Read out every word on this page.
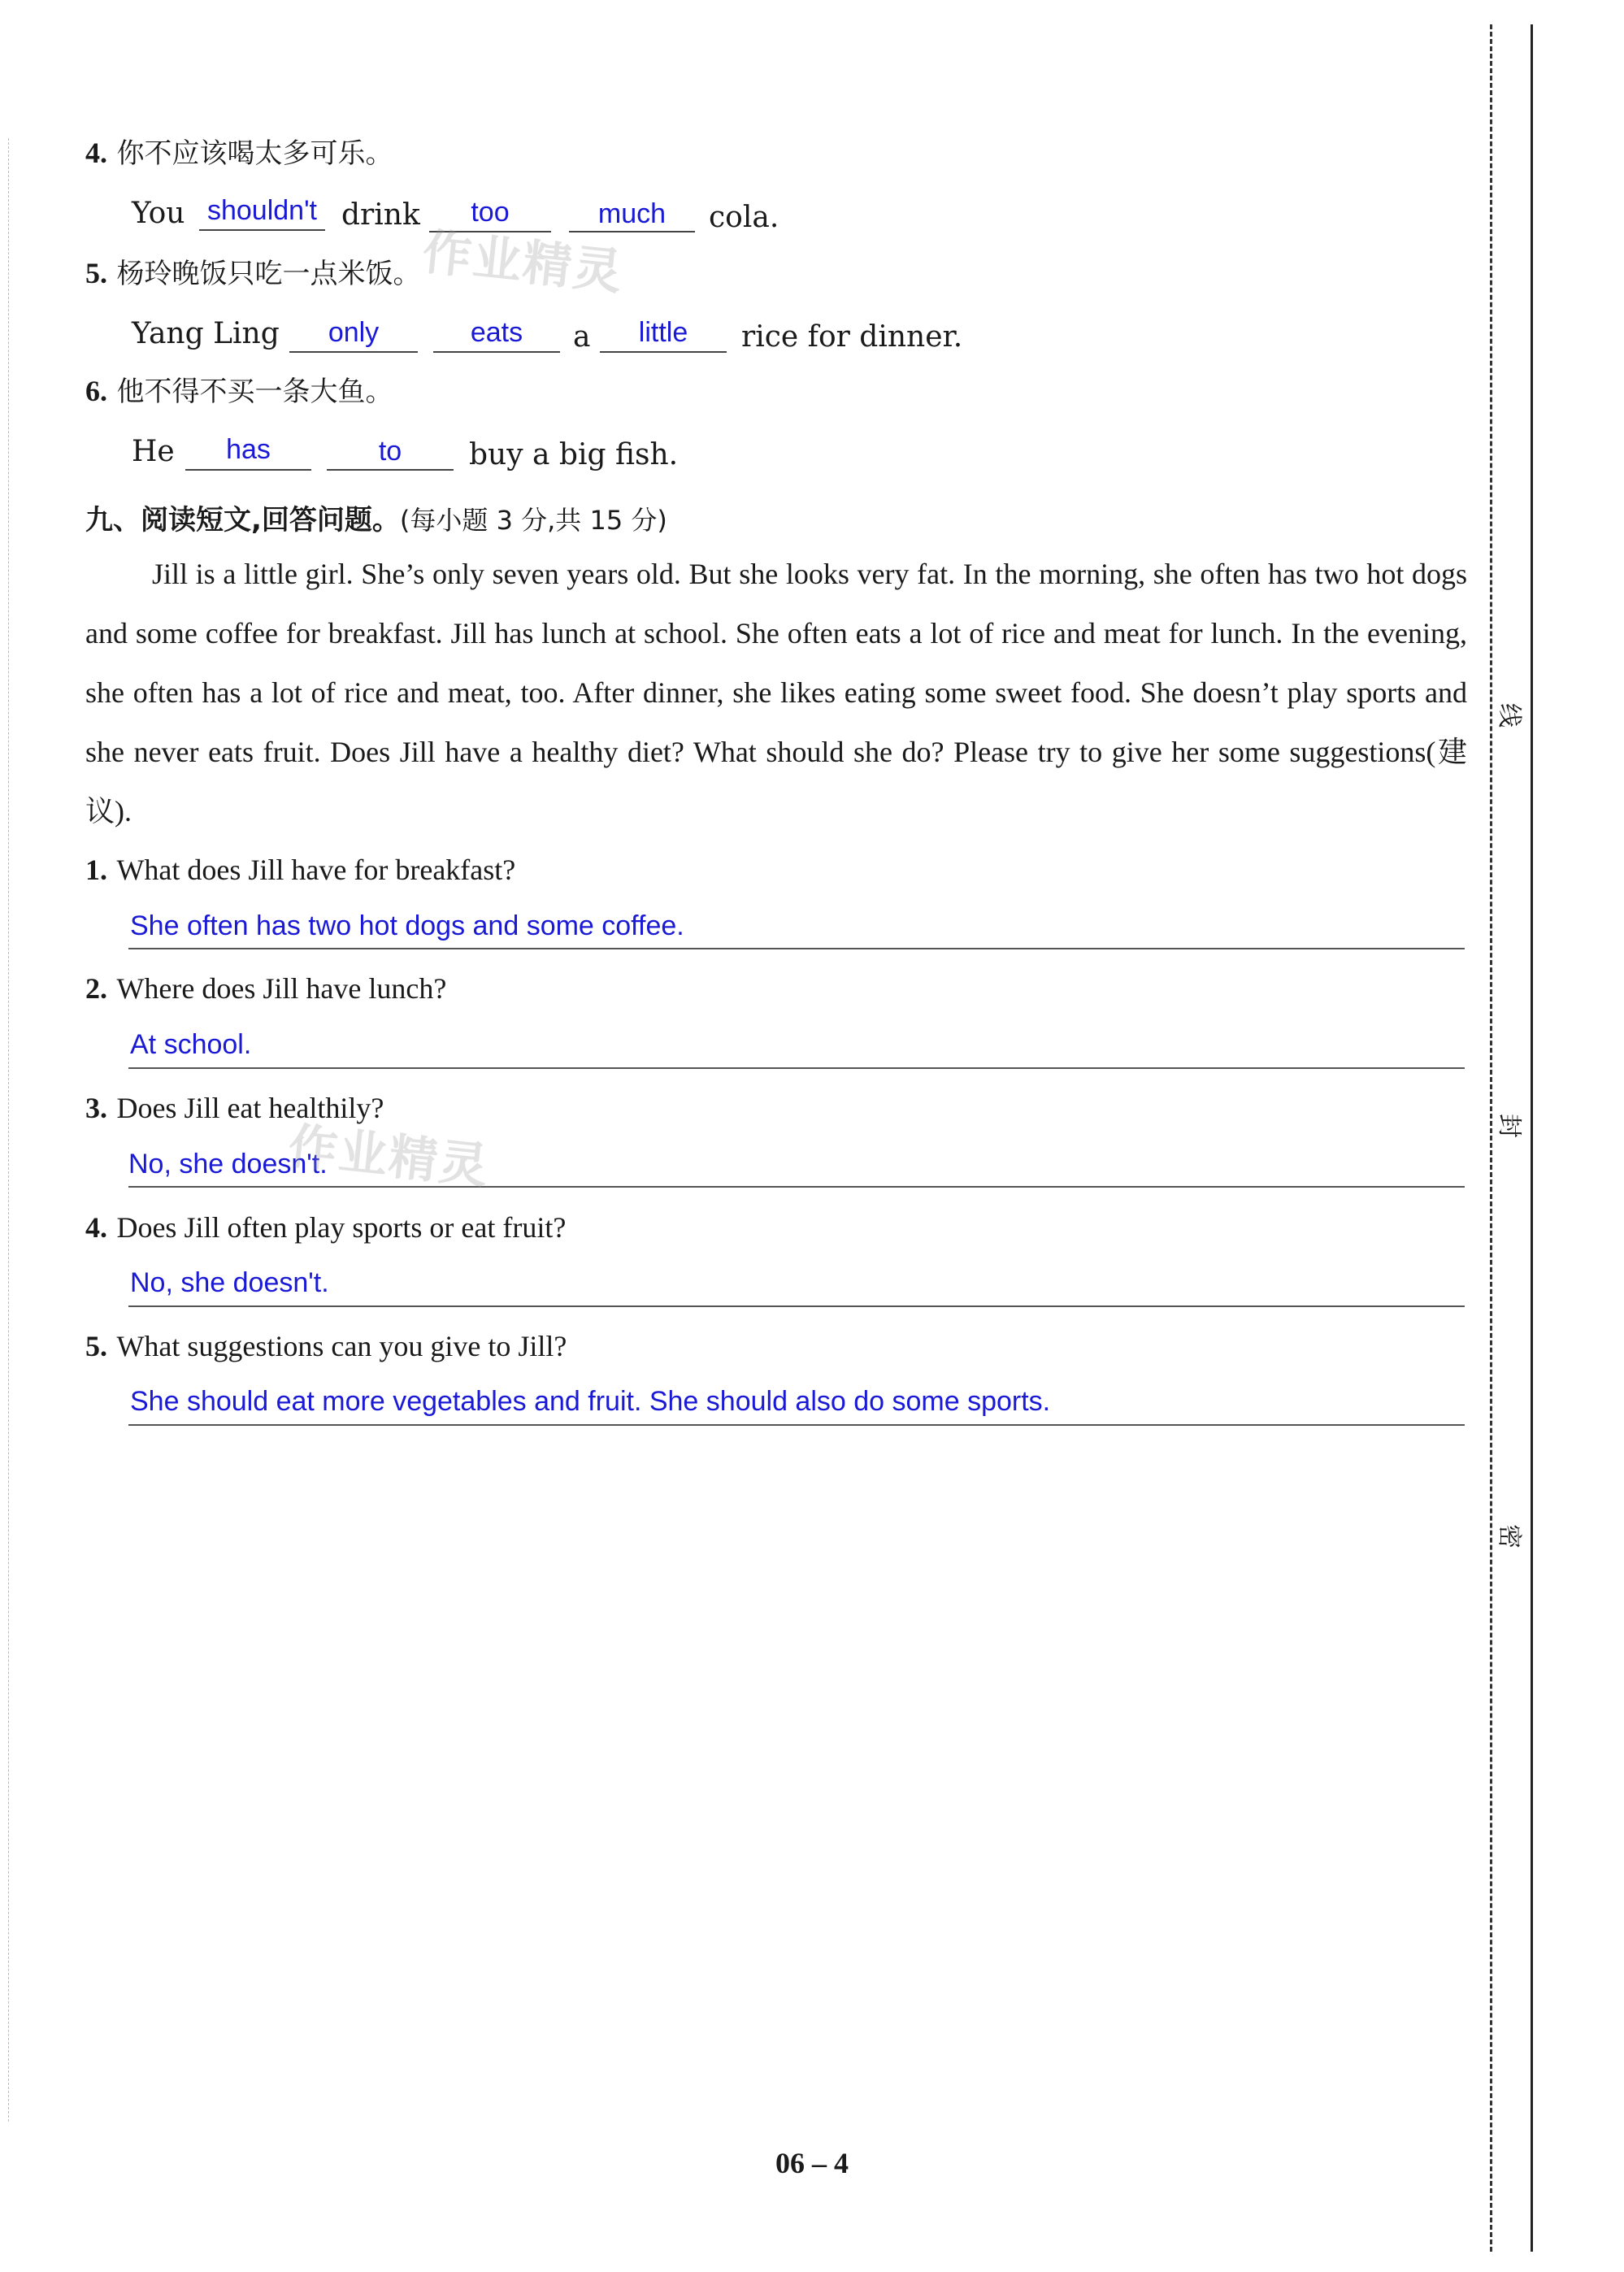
4. 你不应该喝太多可乐。
You shouldn't drink	too	much	cola.
作业精灵
5. 杨玲晚饭只吃一点米饭。
Yang Ling	only	eats	a	little	rice for dinner.
6. 他不得不买一条大鱼。
He	has	to	buy a big fish.
九、阅读短文,回答问题。(每小题 3 分,共 15 分)
Jill is a little girl. She’s only seven years old. But she looks very fat. In the morning, she often has two hot dogs and some coffee for breakfast. Jill has lunch at school. She often eats a lot of rice and meat for lunch. In the evening, she often has a lot of rice and meat, too. After dinner, she likes eating some sweet food. She doesn’t play sports and she never eats fruit. Does Jill have a healthy diet? What should she do? Please try to give her some suggestions(建议).
1. What does Jill have for breakfast?
She often has two hot dogs and some coffee.
2. Where does Jill have lunch?
At school.
3. Does Jill eat healthily?
No, she doesn't.
作业精灵
4. Does Jill often play sports or eat fruit?
No, she doesn't.
5. What suggestions can you give to Jill?
She should eat more vegetables and fruit. She should also do some sports.
线
封
密
06 – 4
